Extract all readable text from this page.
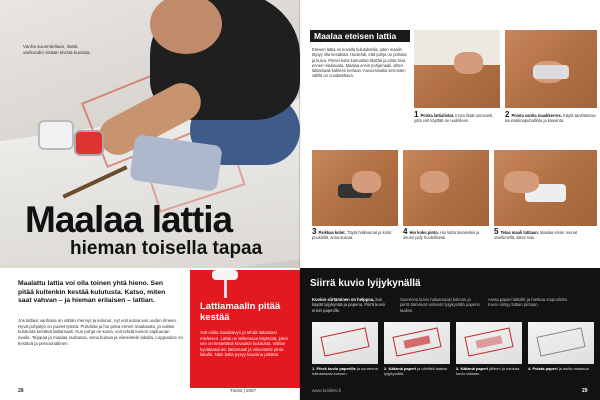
Vanha suunnitellaan, lisätä värikoodin sisään tiivistä kuvioita.
Maalaa lattia
hieman toisella tapaa
Maalattu lattia voi olla toinen yhtä hieno. Sen pitää kuitenkin kestää kulutusta. Katso, miten saat vahvan – ja hieman erilaisen – lattian.
Jos lattiasi vanhana on vähän mennyt ja kulunut, nyt voit antaa sen uuden ilmeen. Hyvä pohjatyö on puolet työstä. Puhdista ja hio pinta ennen maalausta, ja valitse kulutusta kestävä lattiamaali. Kun pohja on kuiva, voit tehdä kuvion sapluunan avulla. Teippaa ja maalaa rauhassa, anna kuivua ja viimeistele lakalla. Lopputulos on kestävä ja persoonallinen.
28
Lattiamaalin pitää kestää
Voit valita maalisävyn ja tehdä lattiastasi mieleisen. Lattia on ahkerassa käytössä, joten sen on kestettävä kovaakin kulutusta. Valitse hyvälaatuinen lattiamaali ja viimeistele pinta lakalla. Näin lattia pysyy kauniina pitkään.
Tiedot | 2007
Maalaa eteisen lattia
Eteisen lattia on kovalla kulutuksella, joten maalin täytyy olla kestävää. Huolehdi, että pohja on puhdas ja kuiva. Pienet kolot kannattaa täyttää ja pinta hioa ennen maalausta. Maalaa ensin pohjamaali, sitten lattiamaali kahteen kertaan. Kuivumisaika kerrosten välillä on noudatettava.
1 Poista lattialistat. Irrota listat varovasti, jotta voit käyttää ne uudelleen.
2 Poista vanha maalikerros. Käytä tarvittaessa kuumailmapuhallinta ja kaavinta.
3 Paikkaa kolot. Täytä halkeamat ja kolot puukitillä, anna kuivua.
4 Hio koko pinta. Hio lattia tasaiseksi ja imuroi pöly huolellisesti.
5 Telaa maali lattiaan. Maalaa ensin reunat siveltimellä, sitten tela.
Siirrä kuvio lyijykynällä
Kuvion siirtäminen on helppoa, kun käytät lyijykynää ja paperia. Piirrä kuvio ensin paperille.
Suurenna kuvio haluamaasi kokoon ja piirrä ääriviivat vahvasti lyijykynällä paperin taakse.
Aseta paperi lattialle ja hankaa etupuolelta. Kuvio siirtyy lattian pintaan.
1. Piirrä kuvio paperille ja suurenna haluamaasi kokoon.
2. Käännä paperi ja värittää taakse lyijykynällä.
3. Käännä paperi jälleen ja hankaa kuvio lattiaan.
4. Poista paperi ja aloita maalaus.
www.kotiliesi.fi	29
